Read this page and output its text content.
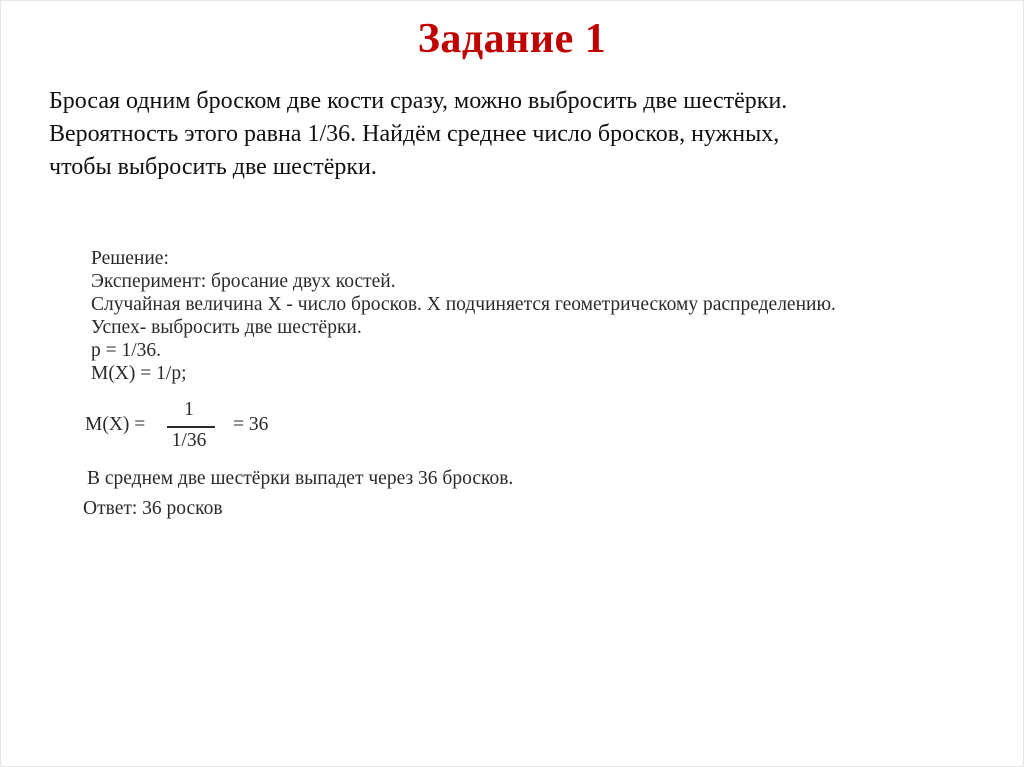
Задание 1
Бросая одним броском две кости сразу, можно выбросить две шестёрки.
Вероятность этого равна 1/36. Найдём среднее число бросков, нужных,
чтобы выбросить две шестёрки.
Решение:
Эксперимент: бросание двух костей.
Случайная величина Х - число бросков. Х подчиняется геометрическому распределению.
Успех- выбросить две шестёрки.
p = 1/36.
M(X) = 1/p;
M(X) =
1
1/36
= 36
В среднем две шестёрки выпадет через 36 бросков.
Ответ: 36 росков
